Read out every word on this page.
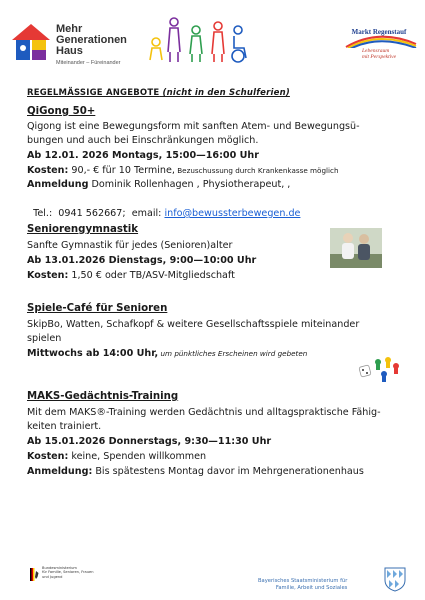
Mehr
Generationen
Haus
Miteinander – Füreinander
Markt Regenstauf
Lebensraum
mit Perspektive
REGELMÄSSIGE ANGEBOTE (nicht in den Schulferien)
QiGong 50+
Qigong ist eine Bewegungsform mit sanften Atem- und Bewegungsü-
bungen und auch bei Einschränkungen möglich.
Ab 12.01. 2026 Montags, 15:00—16:00 Uhr
Kosten: 90,- € für 10 Termine, Bezuschussung durch Krankenkasse möglich
Anmeldung Dominik Rollenhagen , Physiotherapeut, ,

Tel.:  0941 562667;  email: info@bewussterbewegen.de

Seniorengymnastik
Sanfte Gymnastik für jedes (Senioren)alter
Ab 13.01.2026 Dienstags, 9:00—10:00 Uhr
Kosten: 1,50 € oder TB/ASV-Mitgliedschaft
Spiele-Café für Senioren
SkipBo, Watten, Schafkopf & weitere Gesellschaftsspiele miteinander
spielen
Mittwochs ab 14:00 Uhr, um pünktliches Erscheinen wird gebeten
MAKS-Gedächtnis-Training
Mit dem MAKS®-Training werden Gedächtnis und alltagspraktische Fähig-
keiten trainiert.
Ab 15.01.2026 Donnerstags, 9:30—11:30 Uhr
Kosten: keine, Spenden willkommen
Anmeldung: Bis spätestens Montag davor im Mehrgenerationenhaus
Bundesministerium
für Familie, Senioren, Frauen
und Jugend
Bayerisches Staatsministerium für
Familie, Arbeit und Soziales
